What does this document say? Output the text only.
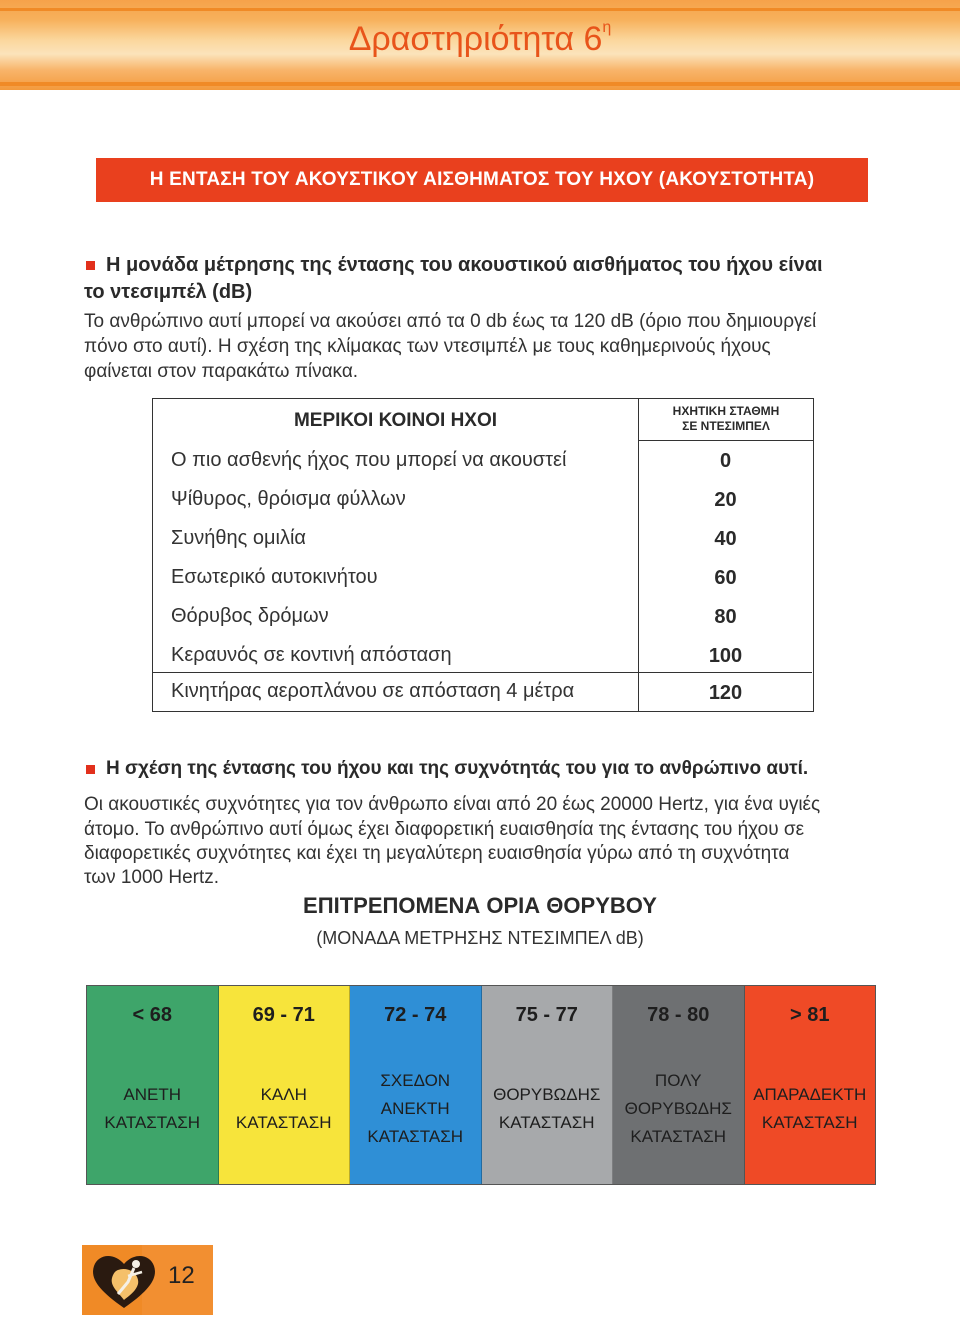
Δραστηριότητα $6^\eta$
Η ΕΝΤΑΣΗ ΤΟΥ ΑΚΟΥΣΤΙΚΟΥ ΑΙΣΘΗΜΑΤΟΣ ΤΟΥ ΗΧΟΥ (ΑΚΟΥΣΤΟΤΗΤΑ)
Η μονάδα μέτρησης της έντασης του ακουστικού αισθήματος του ήχου είναι
το ντεσιμπέλ (dB)
Το ανθρώπινο αυτί μπορεί να ακούσει από τα 0 db έως τα 120 dB (όριο που δημιουργεί
πόνο στο αυτί). Η σχέση της κλίμακας των ντεσιμπέλ με τους καθημερινούς ήχους
φαίνεται στον παρακάτω πίνακα.
ΜΕΡΙΚΟΙ ΚΟΙΝΟΙ ΗΧΟΙ	ΗΧΗΤΙΚΗ ΣΤΑΘΜΗ
ΣΕ ΝΤΕΣΙΜΠΕΛ
Ο πιο ασθενής ήχος που μπορεί να ακουστεί	0
Ψίθυρος, θρόισμα φύλλων	20
Συνήθης ομιλία	40
Εσωτερικό αυτοκινήτου	60
Θόρυβος δρόμων	80
Κεραυνός σε κοντινή απόσταση	100
Κινητήρας αεροπλάνου σε απόσταση 4 μέτρα	120
Η σχέση της έντασης του ήχου και της συχνότητάς του για το ανθρώπινο αυτί.
Οι ακουστικές συχνότητες για τον άνθρωπο είναι από 20 έως 20000 Hertz, για ένα υγιές
άτομο. Το ανθρώπινο αυτί όμως έχει διαφορετική ευαισθησία της έντασης του ήχου σε
διαφορετικές συχνότητες και έχει τη μεγαλύτερη ευαισθησία γύρω από τη συχνότητα
των 1000 Hertz.
ΕΠΙΤΡΕΠΟΜΕΝΑ ΟΡΙΑ ΘΟΡΥΒΟΥ
(ΜΟΝΑΔΑ ΜΕΤΡΗΣΗΣ ΝΤΕΣΙΜΠΕΛ dB)
< 68
ΑΝΕΤΗ
ΚΑΤΑΣΤΑΣΗ
69 - 71
ΚΑΛΗ
ΚΑΤΑΣΤΑΣΗ
72 - 74
ΣΧΕΔΟΝ
ΑΝΕΚΤΗ
ΚΑΤΑΣΤΑΣΗ
75 - 77
ΘΟΡΥΒΩΔΗΣ
ΚΑΤΑΣΤΑΣΗ
78 - 80
ΠΟΛΥ
ΘΟΡΥΒΩΔΗΣ
ΚΑΤΑΣΤΑΣΗ
> 81
ΑΠΑΡΑΔΕΚΤΗ
ΚΑΤΑΣΤΑΣΗ
12
